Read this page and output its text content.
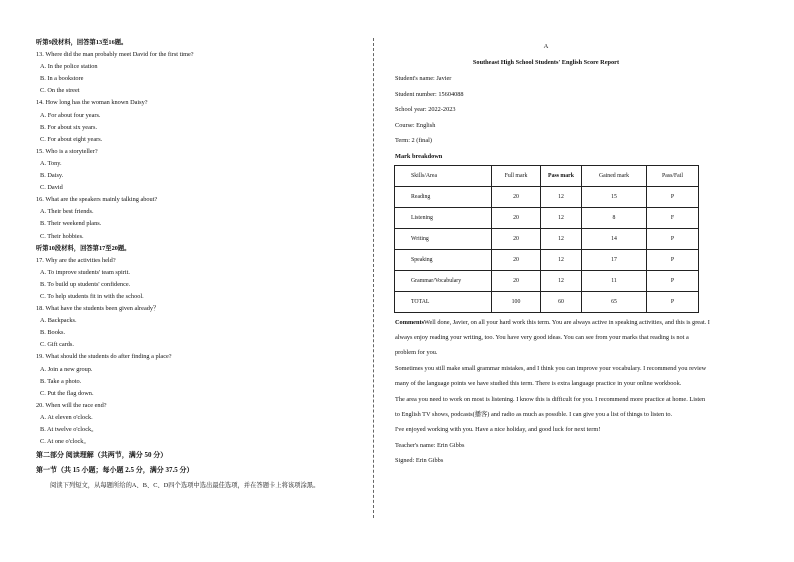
听第9段材料，回答第13至16题。
13. Where did the man probably meet David for the first time?
A. In the police station
B. In a bookstore
C. On the street
14. How long has the woman known Daisy?
A. For about four years.
B. For about six years.
C. For about eight years.
15. Who is a storyteller?
A. Tony.
B. Daisy.
C. David
16. What are the speakers mainly talking about?
A. Their best friends.
B. Their weekend plans.
C. Their hobbies.
听第10段材料，回答第17至20题。
17. Why are the activities held?
A. To improve students' team spirit.
B. To build up students' confidence.
C. To help students fit in with the school.
18. What have the students been given already？
A. Backpacks.
B. Books.
C. Gift cards.
19. What should the students do after finding a place?
A. Join a new group.
B. Take a photo.
C. Put the flag down.
20. When will the race end?
A. At eleven o'clock.
B. At twelve o'clock。
C. At one o'clock。
第二部分 阅读理解（共两节，满分 50 分）
第一节（共 15 小题；每小题 2.5 分，满分 37.5 分）
阅读下列短文，从每题所给的A、B、C、D四个选项中选出最佳选项，并在答题卡上将该项涂黑。
A
Southeast High School Students' English Score Report
Student's name: Javier
Student number: 15604088
School year: 2022-2023
Course: English
Term: 2 (final)
Mark breakdown
Skills/Area	Full mark	Pass mark	Gained mark	Pass/Fail
Reading	20	12	15	P
Listening	20	12	8	F
Writing	20	12	14	P
Speaking	20	12	17	P
Grammar/Vocabulary	20	12	11	P
TOTAL	100	60	65	P
CommentsWell done, Javier, on all your hard work this term. You are always active in speaking activities, and this is great. I always enjoy reading your writing, too. You have very good ideas. You can see from your marks that reading is not a problem for you.
Sometimes you still make small grammar mistakes, and I think you can improve your vocabulary. I recommend you review many of the language points we have studied this term. There is extra language practice in your online workbook.
The area you need to work on most is listening. I know this is difficult for you. I recommend more practice at home. Listen to English TV shows, podcasts(播客) and radio as much as possible. I can give you a list of things to listen to.
I've enjoyed working with you. Have a nice holiday, and good luck for next term!
Teacher's name: Erin Gibbs
Signed: Erin Gibbs
